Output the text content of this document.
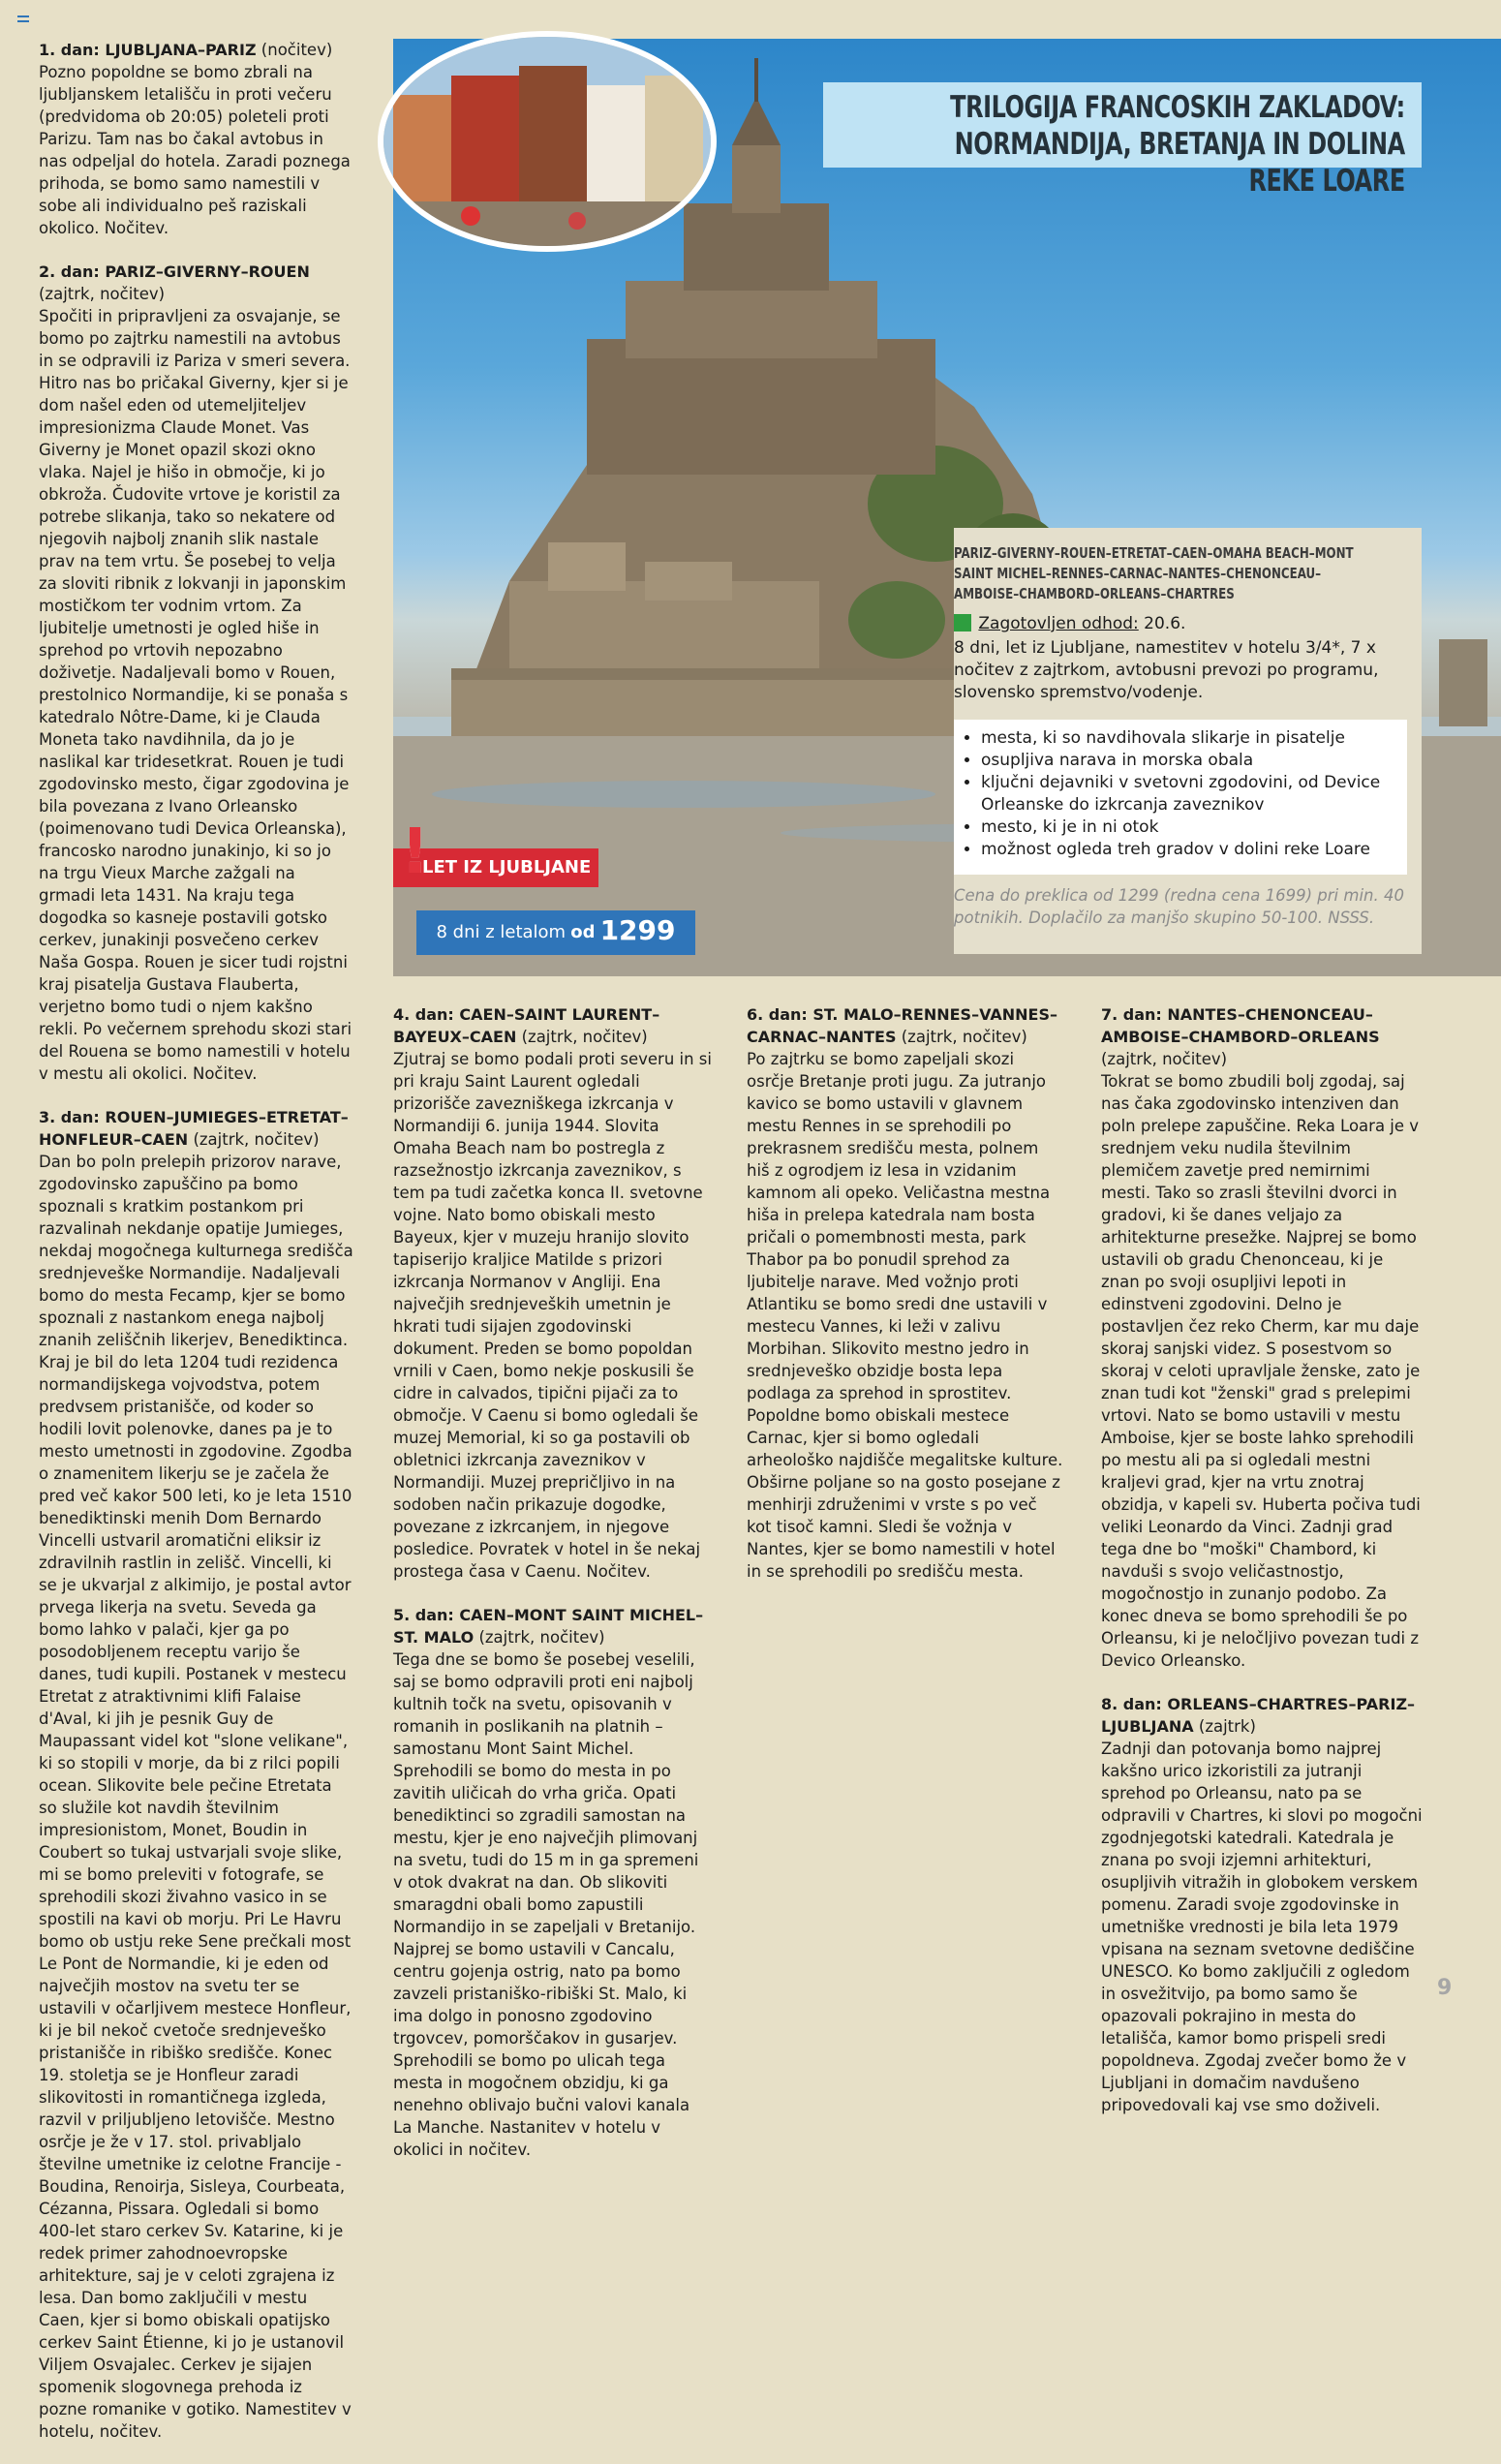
TRILOGIJA FRANCOSKIH ZAKLADOV:
NORMANDIJA, BRETANJA IN DOLINA REKE LOARE
PARIZ–GIVERNY–ROUEN–ETRETAT–CAEN–OMAHA BEACH–MONT SAINT MICHEL–RENNES–CARNAC–NANTES–CHENONCEAU–AMBOISE–CHAMBORD–ORLEANS–CHARTRES
Zagotovljen odhod: 20.6.
8 dni, let iz Ljubljane, namestitev v hotelu 3/4*, 7 x nočitev z zajtrkom, avtobusni prevozi po programu, slovensko spremstvo/vodenje.
• mesta, ki so navdihovala slikarje in pisatelje
• osupljiva narava in morska obala
• ključni dejavniki v svetovni zgodovini, od Device Orleanske do izkrcanja zaveznikov
• mesto, ki je in ni otok
• možnost ogleda treh gradov v dolini reke Loare
Cena do preklica od 1299 (redna cena 1699) pri min. 40 potnikih. Doplačilo za manjšo skupino 50-100. NSSS.
!
LET IZ LJUBLJANE
8 dni z letalom od 1299
1. dan: LJUBLJANA–PARIZ (nočitev)

Pozno popoldne se bomo zbrali na ljubljanskem letališču in proti večeru (predvidoma ob 20:05) poleteli proti Parizu. Tam nas bo čakal avtobus in nas odpeljal do hotela. Zaradi poznega prihoda, se bomo samo namestili v sobe ali individualno peš raziskali okolico. Nočitev.

2. dan: PARIZ–GIVERNY–ROUEN (zajtrk, nočitev)

Spočiti in pripravljeni za osvajanje, se bomo po zajtrku namestili na avtobus in se odpravili iz Pariza v smeri severa. Hitro nas bo pričakal Giverny, kjer si je dom našel eden od utemeljiteljev impresionizma Claude Monet. Vas Giverny je Monet opazil skozi okno vlaka. Najel je hišo in območje, ki jo obkroža. Čudovite vrtove je koristil za potrebe slikanja, tako so nekatere od njegovih najbolj znanih slik nastale prav na tem vrtu. Še posebej to velja za sloviti ribnik z lokvanji in japonskim mostičkom ter vodnim vrtom. Za ljubitelje umetnosti je ogled hiše in sprehod po vrtovih nepozabno doživetje. Nadaljevali bomo v Rouen, prestolnico Normandije, ki se ponaša s katedralo Nôtre-Dame, ki je Clauda Moneta tako navdihnila, da jo je naslikal kar tridesetkrat. Rouen je tudi zgodovinsko mesto, čigar zgodovina je bila povezana z Ivano Orleansko (poimenovano tudi Devica Orleanska), francosko narodno junakinjo, ki so jo na trgu Vieux Marche zažgali na grmadi leta 1431. Na kraju tega dogodka so kasneje postavili gotsko cerkev, junakinji posvečeno cerkev Naša Gospa. Rouen je sicer tudi rojstni kraj pisatelja Gustava Flauberta, verjetno bomo tudi o njem kakšno rekli. Po večernem sprehodu skozi stari del Rouena se bomo namestili v hotelu v mestu ali okolici. Nočitev.

3. dan: ROUEN–JUMIEGES–ETRETAT–HONFLEUR–CAEN (zajtrk, nočitev)

Dan bo poln prelepih prizorov narave, zgodovinsko zapuščino pa bomo spoznali s kratkim postankom pri razvalinah nekdanje opatije Jumieges, nekdaj mogočnega kulturnega središča srednjeveške Normandije. Nadaljevali bomo do mesta Fecamp, kjer se bomo spoznali z nastankom enega najbolj znanih zeliščnih likerjev, Benediktinca. Kraj je bil do leta 1204 tudi rezidenca normandijskega vojvodstva, potem predvsem pristanišče, od koder so hodili lovit polenovke, danes pa je to mesto umetnosti in zgodovine. Zgodba o znamenitem likerju se je začela že pred več kakor 500 leti, ko je leta 1510 benediktinski menih Dom Bernardo Vincelli ustvaril aromatični eliksir iz zdravilnih rastlin in zelišč. Vincelli, ki se je ukvarjal z alkimijo, je postal avtor prvega likerja na svetu. Seveda ga bomo lahko v palači, kjer ga po posodobljenem receptu varijo še danes, tudi kupili. Postanek v mestecu Etretat z atraktivnimi klifi Falaise d'Aval, ki jih je pesnik Guy de Maupassant videl kot "slone velikane", ki so stopili v morje, da bi z rilci popili ocean. Slikovite bele pečine Etretata so služile kot navdih številnim impresionistom, Monet, Boudin in Coubert so tukaj ustvarjali svoje slike, mi se bomo preleviti v fotografe, se sprehodili skozi živahno vasico in se spostili na kavi ob morju. Pri Le Havru bomo ob ustju reke Sene prečkali most Le Pont de Normandie, ki je eden od največjih mostov na svetu ter se ustavili v očarljivem mestece Honfleur, ki je bil nekoč cvetoče srednjeveško pristanišče in ribiško središče. Konec 19. stoletja se je Honfleur zaradi slikovitosti in romantičnega izgleda, razvil v priljubljeno letovišče. Mestno osrčje je že v 17. stol. privabljalo številne umetnike iz celotne Francije - Boudina, Renoirja, Sisleya, Courbeata, Cézanna, Pissara. Ogledali si bomo 400-let staro cerkev Sv. Katarine, ki je redek primer zahodnoevropske arhitekture, saj je v celoti zgrajena iz lesa. Dan bomo zaključili v mestu Caen, kjer si bomo obiskali opatijsko cerkev Saint Étienne, ki jo je ustanovil Viljem Osvajalec. Cerkev je sijajen spomenik slogovnega prehoda iz pozne romanike v gotiko. Namestitev v hotelu, nočitev.

4. dan: CAEN–SAINT LAURENT– BAYEUX–CAEN (zajtrk, nočitev)

Zjutraj se bomo podali proti severu in si pri kraju Saint Laurent ogledali prizorišče zavezniškega izkrcanja v Normandiji 6. junija 1944. Slovita Omaha Beach nam bo postregla z razsežnostjo izkrcanja zaveznikov, s tem pa tudi začetka konca II. svetovne vojne. Nato bomo obiskali mesto Bayeux, kjer v muzeju hranijo slovito tapiserijo kraljice Matilde s prizori izkrcanja Normanov v Angliji. Ena največjih srednjeveških umetnin je hkrati tudi sijajen zgodovinski dokument. Preden se bomo popoldan vrnili v Caen, bomo nekje poskusili še cidre in calvados, tipični pijači za to območje. V Caenu si bomo ogledali še muzej Memorial, ki so ga postavili ob obletnici izkrcanja zaveznikov v Normandiji. Muzej prepričljivo in na sodoben način prikazuje dogodke, povezane z izkrcanjem, in njegove posledice. Povratek v hotel in še nekaj prostega časa v Caenu. Nočitev.

5. dan: CAEN–MONT SAINT MICHEL–ST. MALO (zajtrk, nočitev)

Tega dne se bomo še posebej veselili, saj se bomo odpravili proti eni najbolj kultnih točk na svetu, opisovanih v romanih in poslikanih na platnih – samostanu Mont Saint Michel. Sprehodili se bomo do mesta in po zavitih uličicah do vrha griča. Opati benediktinci so zgradili samostan na mestu, kjer je eno največjih plimovanj na svetu, tudi do 15 m in ga spremeni v otok dvakrat na dan. Ob slikoviti smaragdni obali bomo zapustili Normandijo in se zapeljali v Bretanijo. Najprej se bomo ustavili v Cancalu, centru gojenja ostrig, nato pa bomo zavzeli pristaniško-ribiški St. Malo, ki ima dolgo in ponosno zgodovino trgovcev, pomorščakov in gusarjev. Sprehodili se bomo po ulicah tega mesta in mogočnem obzidju, ki ga nenehno oblivajo bučni valovi kanala La Manche. Nastanitev v hotelu v okolici in nočitev.

6. dan: ST. MALO–RENNES–VANNES–CARNAC–NANTES (zajtrk, nočitev)

Po zajtrku se bomo zapeljali skozi osrčje Bretanje proti jugu. Za jutranjo kavico se bomo ustavili v glavnem mestu Rennes in se sprehodili po prekrasnem središču mesta, polnem hiš z ogrodjem iz lesa in vzidanim kamnom ali opeko. Veličastna mestna hiša in prelepa katedrala nam bosta pričali o pomembnosti mesta, park Thabor pa bo ponudil sprehod za ljubitelje narave. Med vožnjo proti Atlantiku se bomo sredi dne ustavili v mestecu Vannes, ki leži v zalivu Morbihan. Slikovito mestno jedro in srednjeveško obzidje bosta lepa podlaga za sprehod in sprostitev. Popoldne bomo obiskali mestece Carnac, kjer si bomo ogledali arheološko najdišče megalitske kulture. Obširne poljane so na gosto posejane z menhirji združenimi v vrste s po več kot tisoč kamni. Sledi še vožnja v Nantes, kjer se bomo namestili v hotel in se sprehodili po središču mesta.

7. dan: NANTES–CHENONCEAU–AMBOISE–CHAMBORD–ORLEANS (zajtrk, nočitev)

Tokrat se bomo zbudili bolj zgodaj, saj nas čaka zgodovinsko intenziven dan poln prelepe zapuščine. Reka Loara je v srednjem veku nudila številnim plemičem zavetje pred nemirnimi mesti. Tako so zrasli številni dvorci in gradovi, ki še danes veljajo za arhitekturne presežke. Najprej se bomo ustavili ob gradu Chenonceau, ki je znan po svoji osupljivi lepoti in edinstveni zgodovini. Delno je postavljen čez reko Cherm, kar mu daje skoraj sanjski videz. S posestvom so skoraj v celoti upravljale ženske, zato je znan tudi kot "ženski" grad s prelepimi vrtovi. Nato se bomo ustavili v mestu Amboise, kjer se boste lahko sprehodili po mestu ali pa si ogledali mestni kraljevi grad, kjer na vrtu znotraj obzidja, v kapeli sv. Huberta počiva tudi veliki Leonardo da Vinci. Zadnji grad tega dne bo "moški" Chambord, ki navduši s svojo veličastnostjo, mogočnostjo in zunanjo podobo. Za konec dneva se bomo sprehodili še po Orleansu, ki je neločljivo povezan tudi z Devico Orleansko.

8. dan: ORLEANS–CHARTRES–PARIZ–LJUBLJANA (zajtrk)

Zadnji dan potovanja bomo najprej kakšno urico izkoristili za jutranji sprehod po Orleansu, nato pa se odpravili v Chartres, ki slovi po mogočni zgodnjegotski katedrali. Katedrala je znana po svoji izjemni arhitekturi, osupljivih vitražih in globokem verskem pomenu. Zaradi svoje zgodovinske in umetniške vrednosti je bila leta 1979 vpisana na seznam svetovne dediščine UNESCO. Ko bomo zaključili z ogledom in osvežitvijo, pa bomo samo še opazovali pokrajino in mesta do letališča, kamor bomo prispeli sredi popoldneva. Zgodaj zvečer bomo že v Ljubljani in domačim navdušeno pripovedovali kaj vse smo doživeli.

9
